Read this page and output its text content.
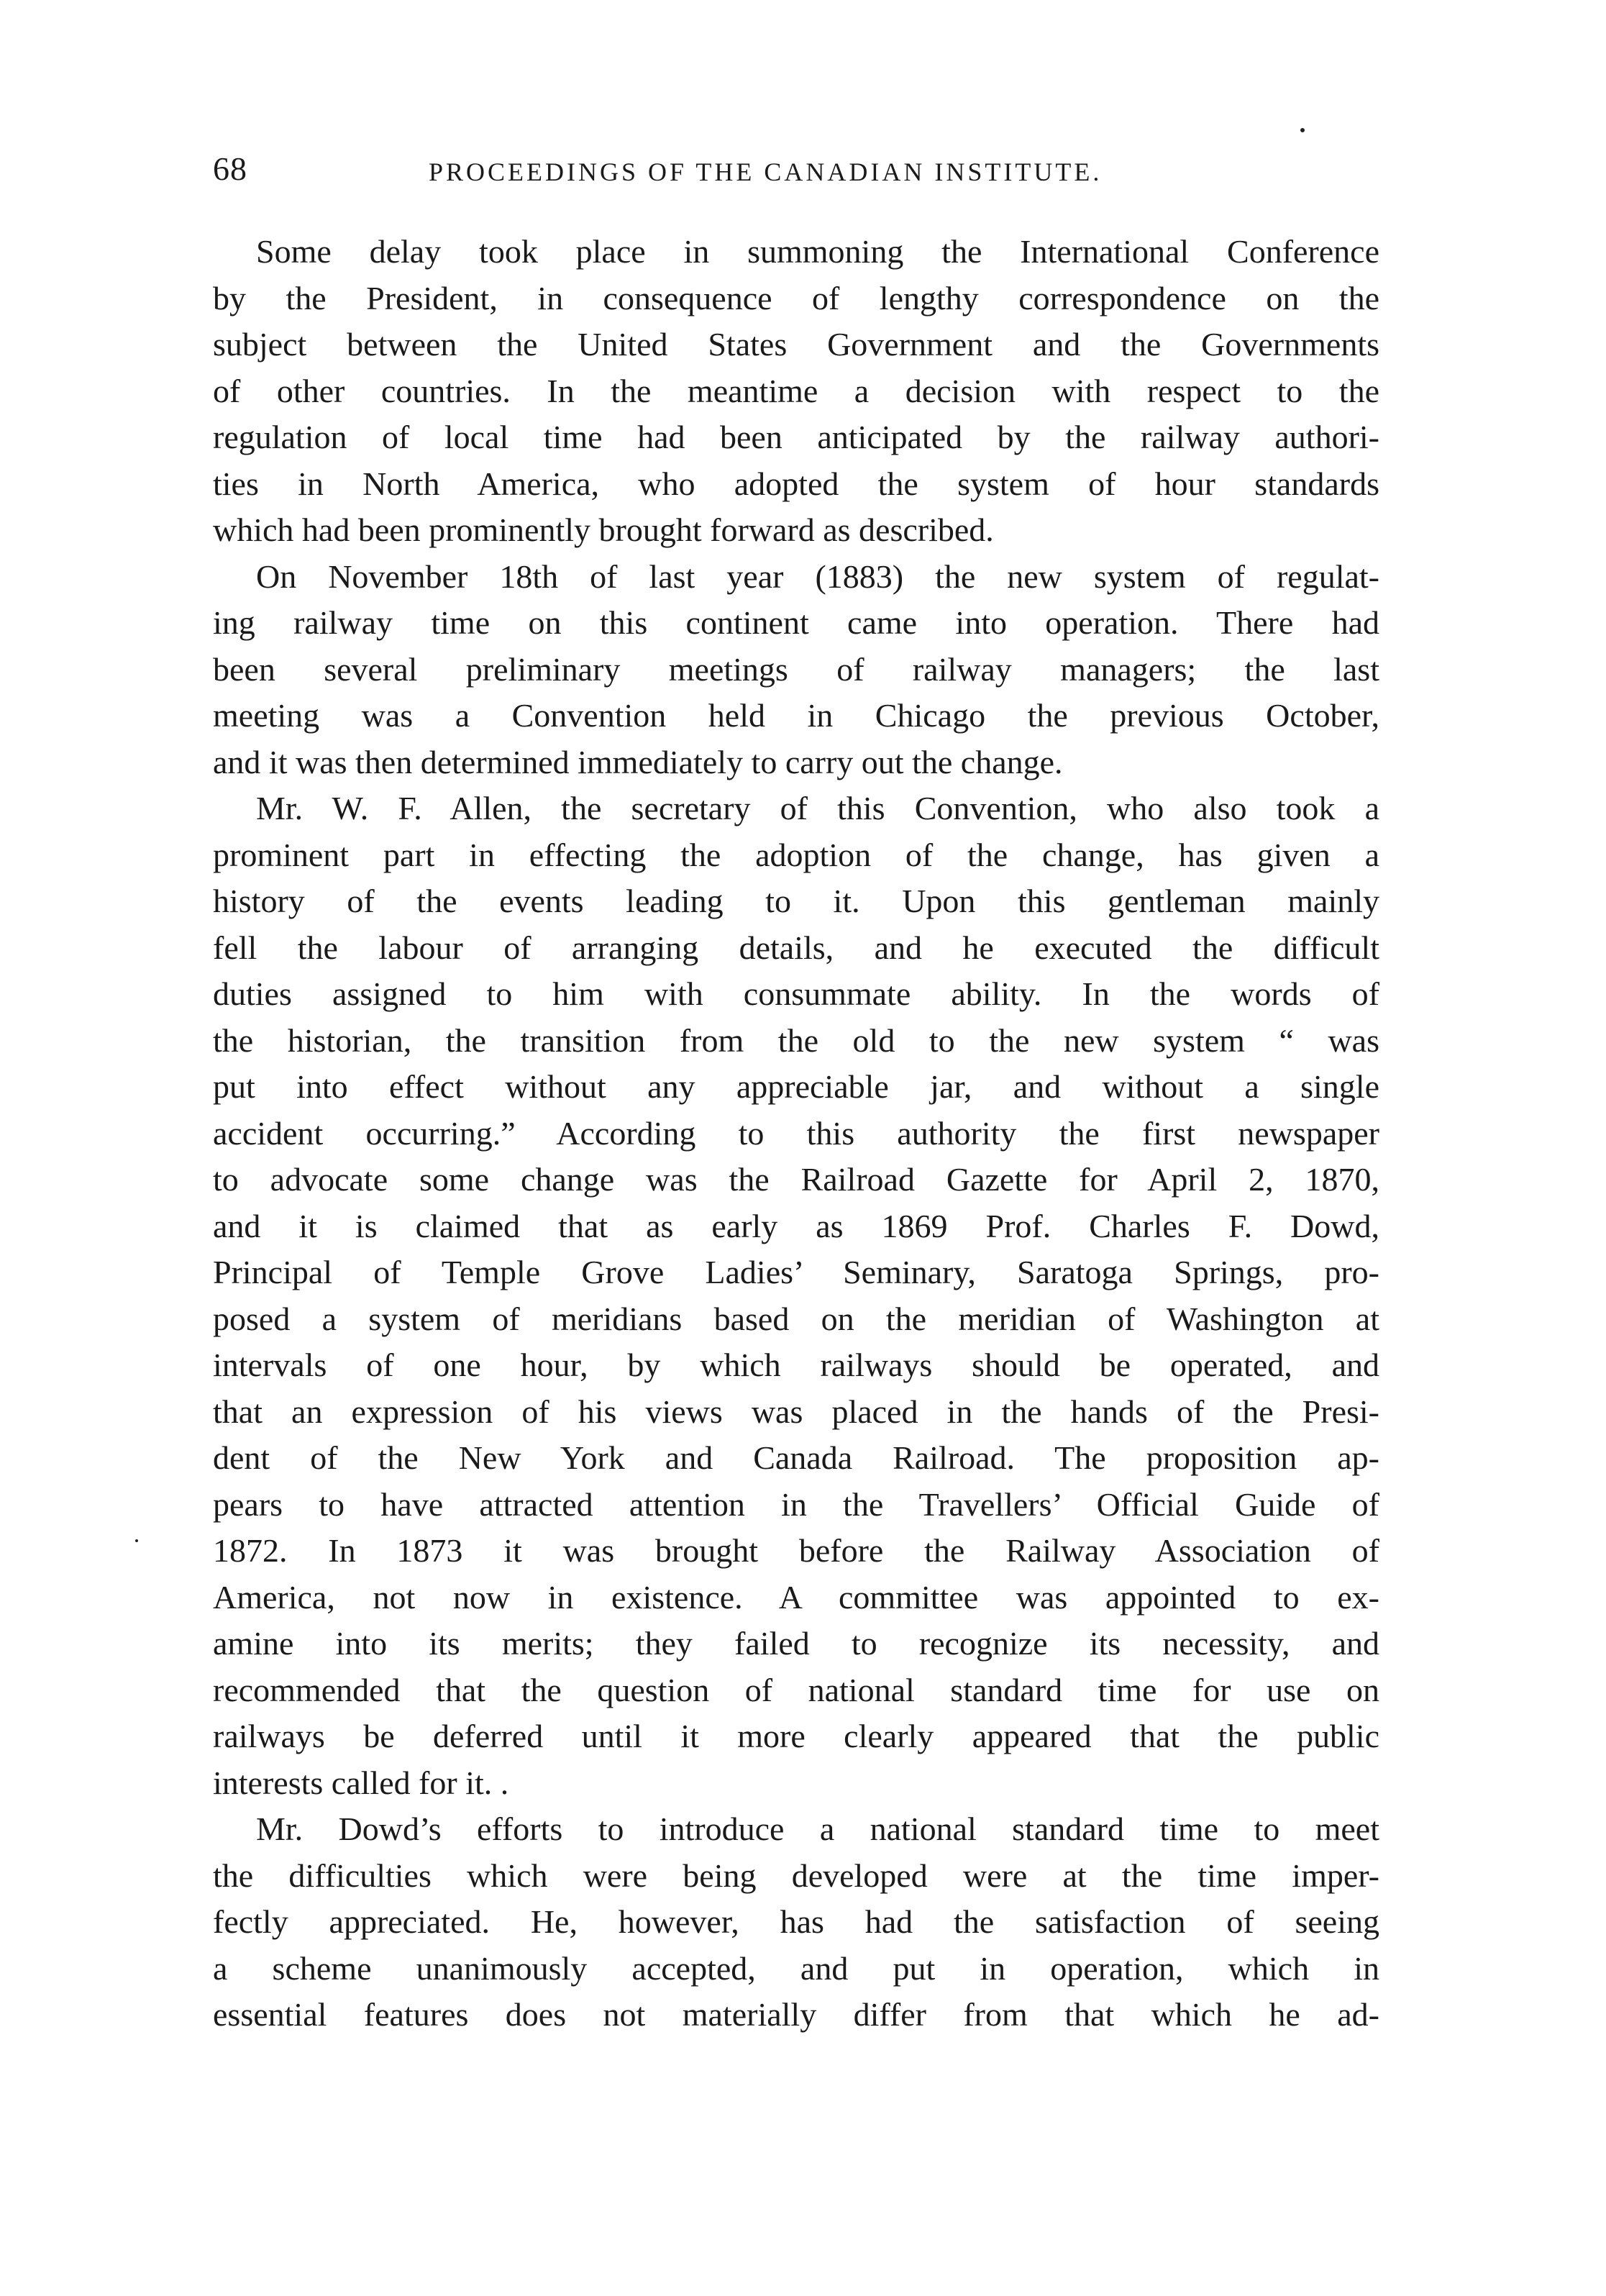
68	PROCEEDINGS OF THE CANADIAN INSTITUTE.
Some delay took place in summoning the International Conference
by the President, in consequence of lengthy correspondence on the
subject between the United States Government and the Governments
of other countries. In the meantime a decision with respect to the
regulation of local time had been anticipated by the railway authori-
ties in North America, who adopted the system of hour standards
which had been prominently brought forward as described.
On November 18th of last year (1883) the new system of regulat-
ing railway time on this continent came into operation. There had
been several preliminary meetings of railway managers; the last
meeting was a Convention held in Chicago the previous October,
and it was then determined immediately to carry out the change.
Mr. W. F. Allen, the secretary of this Convention, who also took a
prominent part in effecting the adoption of the change, has given a
history of the events leading to it. Upon this gentleman mainly
fell the labour of arranging details, and he executed the difficult
duties assigned to him with consummate ability. In the words of
the historian, the transition from the old to the new system “ was
put into effect without any appreciable jar, and without a single
accident occurring.” According to this authority the first newspaper
to advocate some change was the Railroad Gazette for April 2, 1870,
and it is claimed that as early as 1869 Prof. Charles F. Dowd,
Principal of Temple Grove Ladies’ Seminary, Saratoga Springs, pro-
posed a system of meridians based on the meridian of Washington at
intervals of one hour, by which railways should be operated, and
that an expression of his views was placed in the hands of the Presi-
dent of the New York and Canada Railroad. The proposition ap-
pears to have attracted attention in the Travellers’ Official Guide of
1872. In 1873 it was brought before the Railway Association of
America, not now in existence. A committee was appointed to ex-
amine into its merits; they failed to recognize its necessity, and
recommended that the question of national standard time for use on
railways be deferred until it more clearly appeared that the public
interests called for it. .
Mr. Dowd’s efforts to introduce a national standard time to meet
the difficulties which were being developed were at the time imper-
fectly appreciated. He, however, has had the satisfaction of seeing
a scheme unanimously accepted, and put in operation, which in
essential features does not materially differ from that which he ad-
